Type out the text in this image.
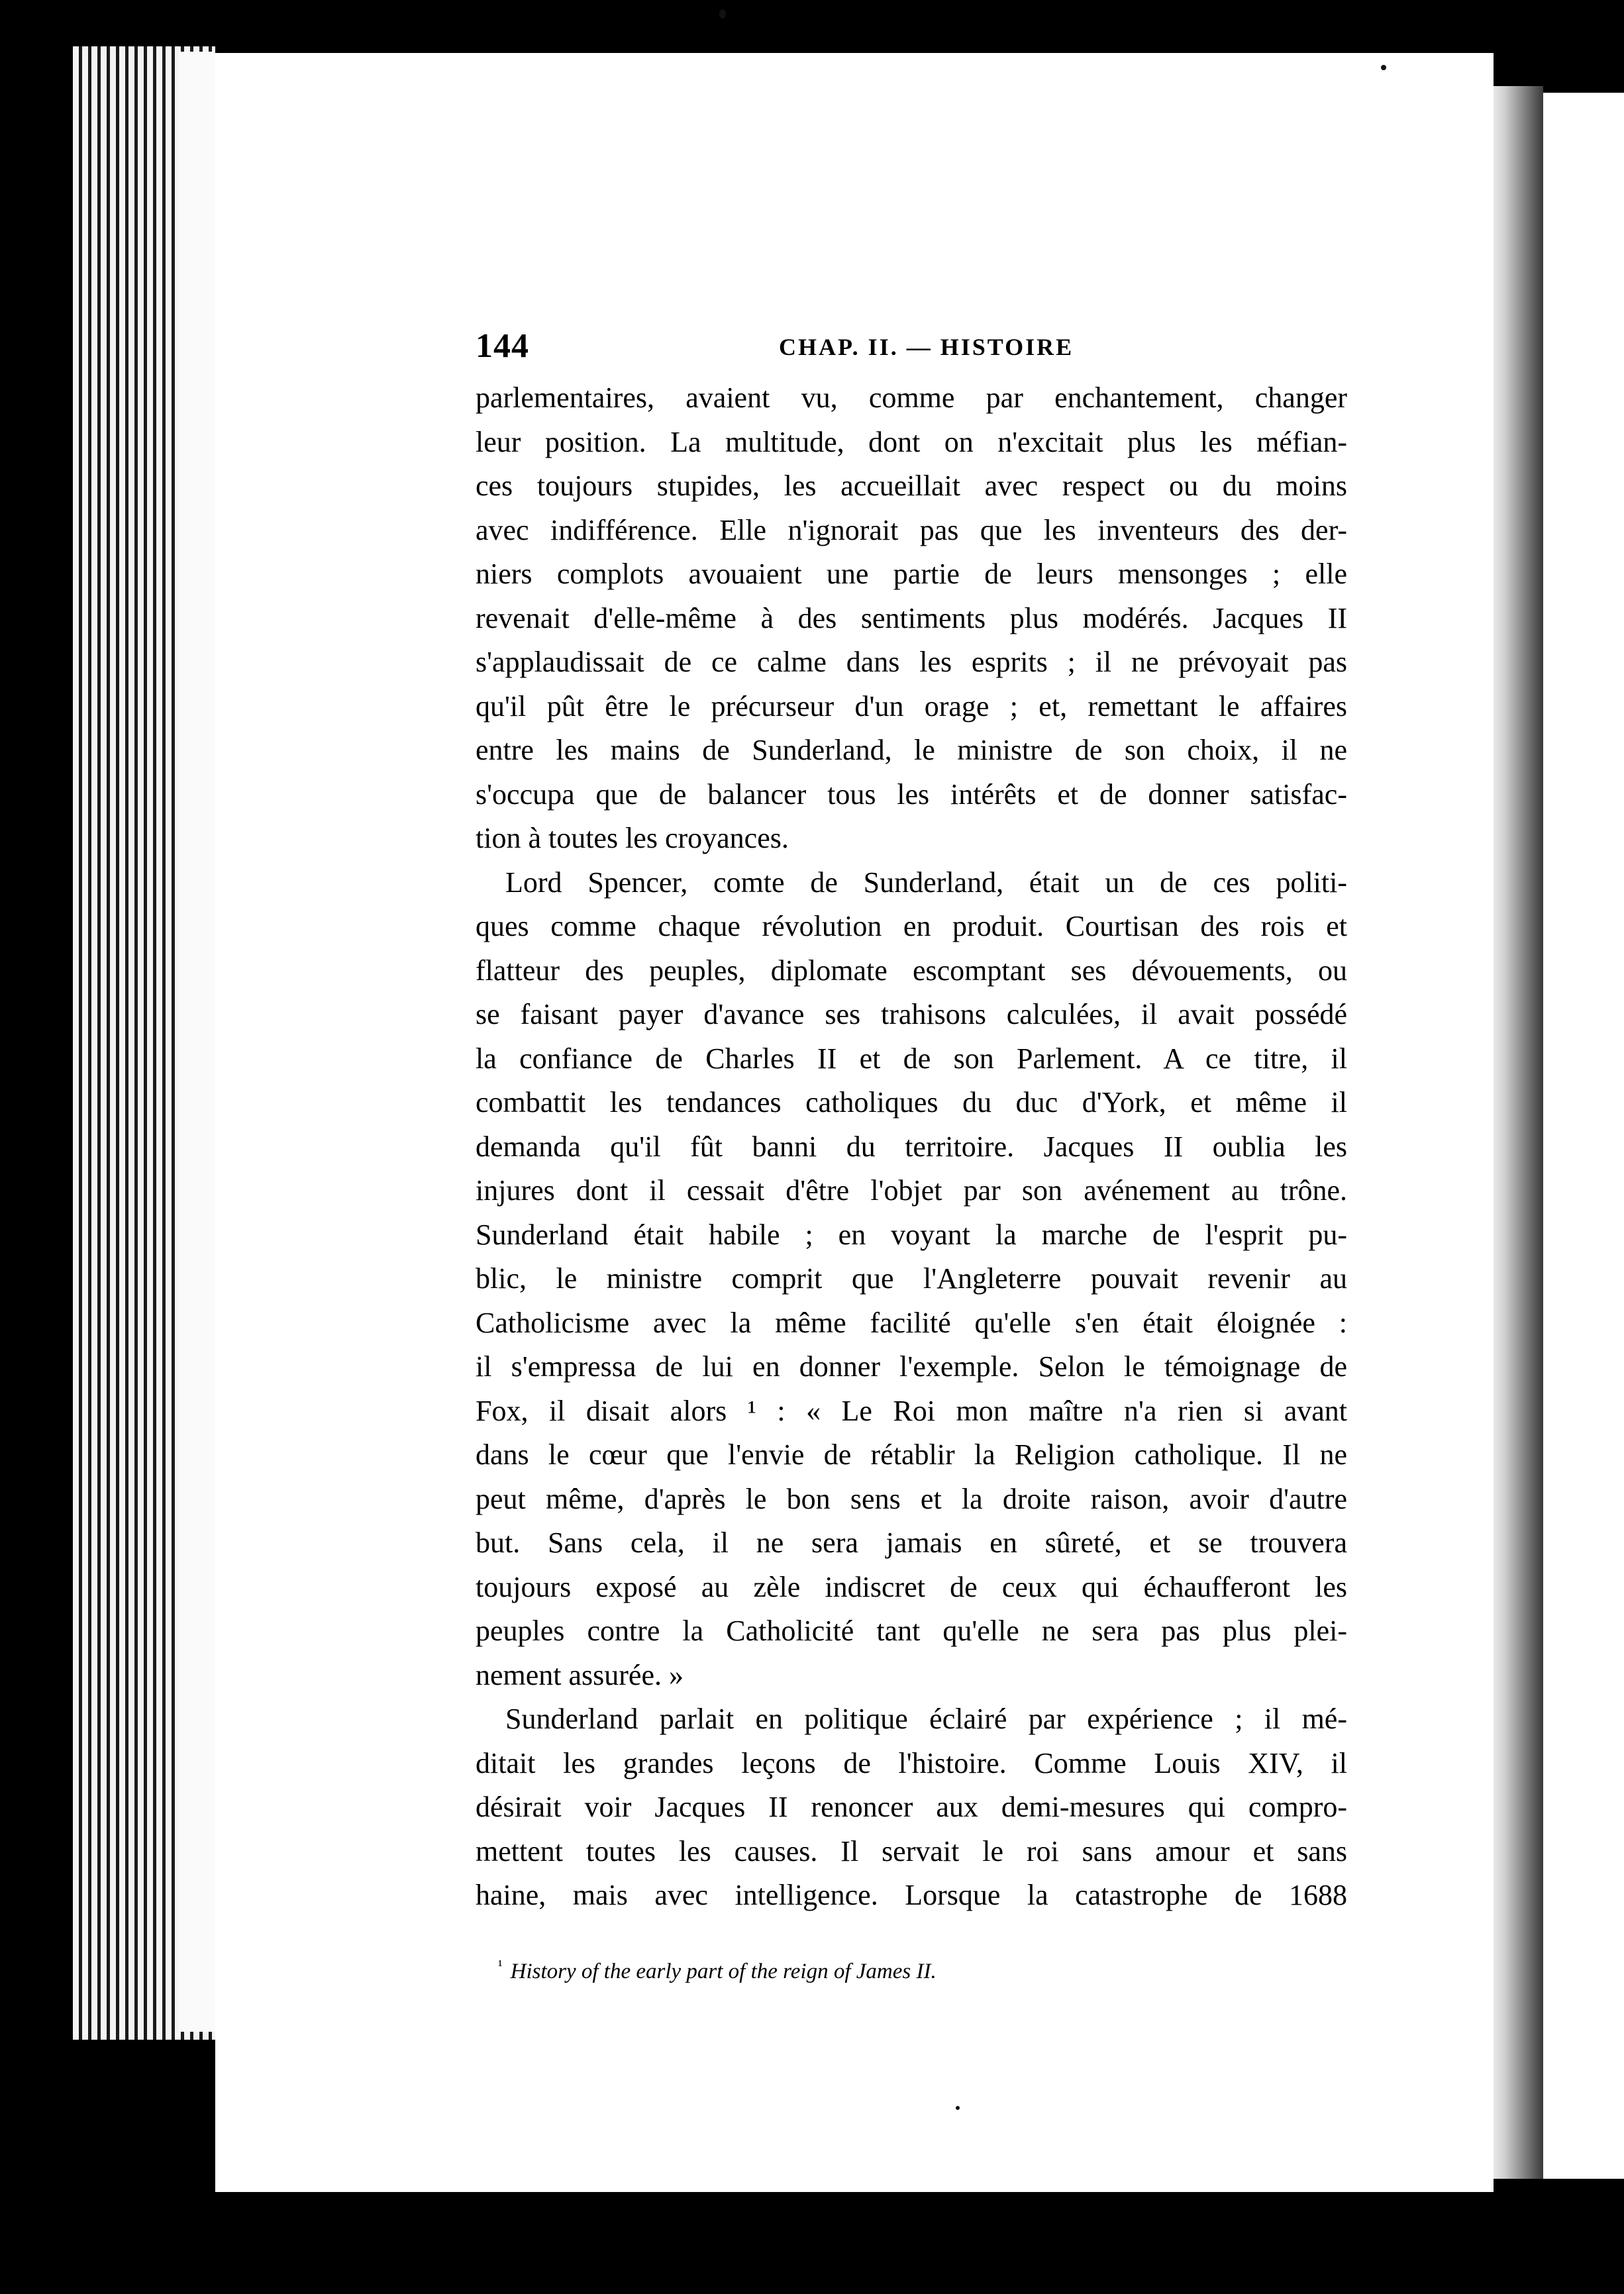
144	CHAP. II. — HISTOIRE
parlementaires, avaient vu, comme par enchantement, changer
leur position. La multitude, dont on n'excitait plus les méfian-
ces toujours stupides, les accueillait avec respect ou du moins
avec indifférence. Elle n'ignorait pas que les inventeurs des der-
niers complots avouaient une partie de leurs mensonges ; elle
revenait d'elle-même à des sentiments plus modérés. Jacques II
s'applaudissait de ce calme dans les esprits ; il ne prévoyait pas
qu'il pût être le précurseur d'un orage ; et, remettant le affaires
entre les mains de Sunderland, le ministre de son choix, il ne
s'occupa que de balancer tous les intérêts et de donner satisfac-
tion à toutes les croyances.
Lord Spencer, comte de Sunderland, était un de ces politi-
ques comme chaque révolution en produit. Courtisan des rois et
flatteur des peuples, diplomate escomptant ses dévouements, ou
se faisant payer d'avance ses trahisons calculées, il avait possédé
la confiance de Charles II et de son Parlement. A ce titre, il
combattit les tendances catholiques du duc d'York, et même il
demanda qu'il fût banni du territoire. Jacques II oublia les
injures dont il cessait d'être l'objet par son avénement au trône.
Sunderland était habile ; en voyant la marche de l'esprit pu-
blic, le ministre comprit que l'Angleterre pouvait revenir au
Catholicisme avec la même facilité qu'elle s'en était éloignée :
il s'empressa de lui en donner l'exemple. Selon le témoignage de
Fox, il disait alors ¹ : « Le Roi mon maître n'a rien si avant
dans le cœur que l'envie de rétablir la Religion catholique. Il ne
peut même, d'après le bon sens et la droite raison, avoir d'autre
but. Sans cela, il ne sera jamais en sûreté, et se trouvera
toujours exposé au zèle indiscret de ceux qui échaufferont les
peuples contre la Catholicité tant qu'elle ne sera pas plus plei-
nement assurée. »
Sunderland parlait en politique éclairé par expérience ; il mé-
ditait les grandes leçons de l'histoire. Comme Louis XIV, il
désirait voir Jacques II renoncer aux demi-mesures qui compro-
mettent toutes les causes. Il servait le roi sans amour et sans
haine, mais avec intelligence. Lorsque la catastrophe de 1688
$^{^1}$ History of the early part of the reign of James II.
